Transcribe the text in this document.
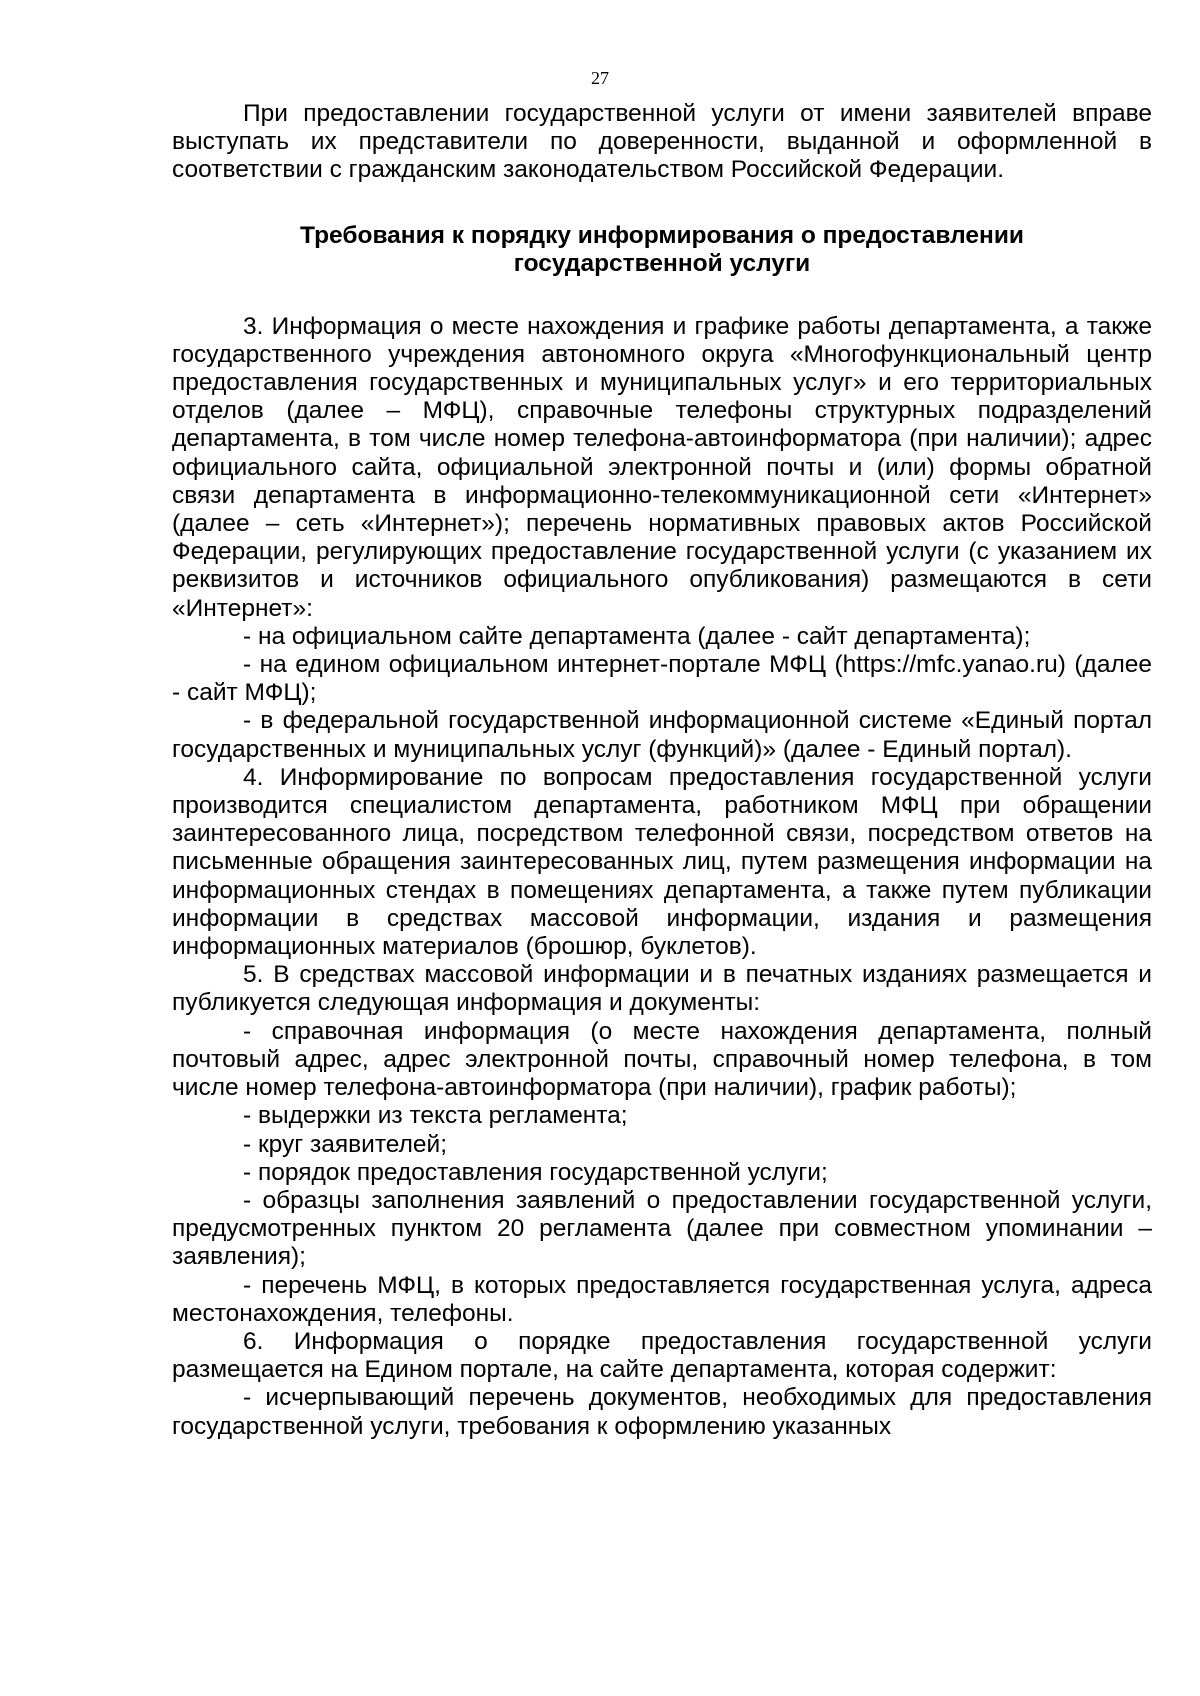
27

При предоставлении государственной услуги от имени заявителей вправе выступать их представители по доверенности, выданной и оформленной в соответствии с гражданским законодательством Российской Федерации.

Требования к порядку информирования о предоставлении государственной услуги

3. Информация о месте нахождения и графике работы департамента, а также государственного учреждения автономного округа «Многофункциональный центр предоставления государственных и муниципальных услуг» и его территориальных отделов (далее – МФЦ), справочные телефоны структурных подразделений департамента, в том числе номер телефона-автоинформатора (при наличии); адрес официального сайта, официальной электронной почты и (или) формы обратной связи департамента в информационно-телекоммуникационной сети «Интернет» (далее – сеть «Интернет»); перечень нормативных правовых актов Российской Федерации, регулирующих предоставление государственной услуги (с указанием их реквизитов и источников официального опубликования) размещаются в сети «Интернет»:

- на официальном сайте департамента (далее - сайт департамента);

- на едином официальном интернет-портале МФЦ (https://mfc.yanao.ru) (далее - сайт МФЦ);

- в федеральной государственной информационной системе «Единый портал государственных и муниципальных услуг (функций)» (далее - Единый портал).

4. Информирование по вопросам предоставления государственной услуги производится специалистом департамента, работником МФЦ при обращении заинтересованного лица, посредством телефонной связи, посредством ответов на письменные обращения заинтересованных лиц, путем размещения информации на информационных стендах в помещениях департамента, а также путем публикации информации в средствах массовой информации, издания и размещения информационных материалов (брошюр, буклетов).

5. В средствах массовой информации и в печатных изданиях размещается и публикуется следующая информация и документы:

- справочная информация (о месте нахождения департамента, полный почтовый адрес, адрес электронной почты, справочный номер телефона, в том числе номер телефона-автоинформатора (при наличии), график работы);

- выдержки из текста регламента;

- круг заявителей;

- порядок предоставления государственной услуги;

- образцы заполнения заявлений о предоставлении государственной услуги, предусмотренных пунктом 20 регламента (далее при совместном упоминании – заявления);

- перечень МФЦ, в которых предоставляется государственная услуга, адреса местонахождения, телефоны.

6. Информация о порядке предоставления государственной услуги размещается на Едином портале, на сайте департамента, которая содержит:

- исчерпывающий перечень документов, необходимых для предоставления государственной услуги, требования к оформлению указанных
